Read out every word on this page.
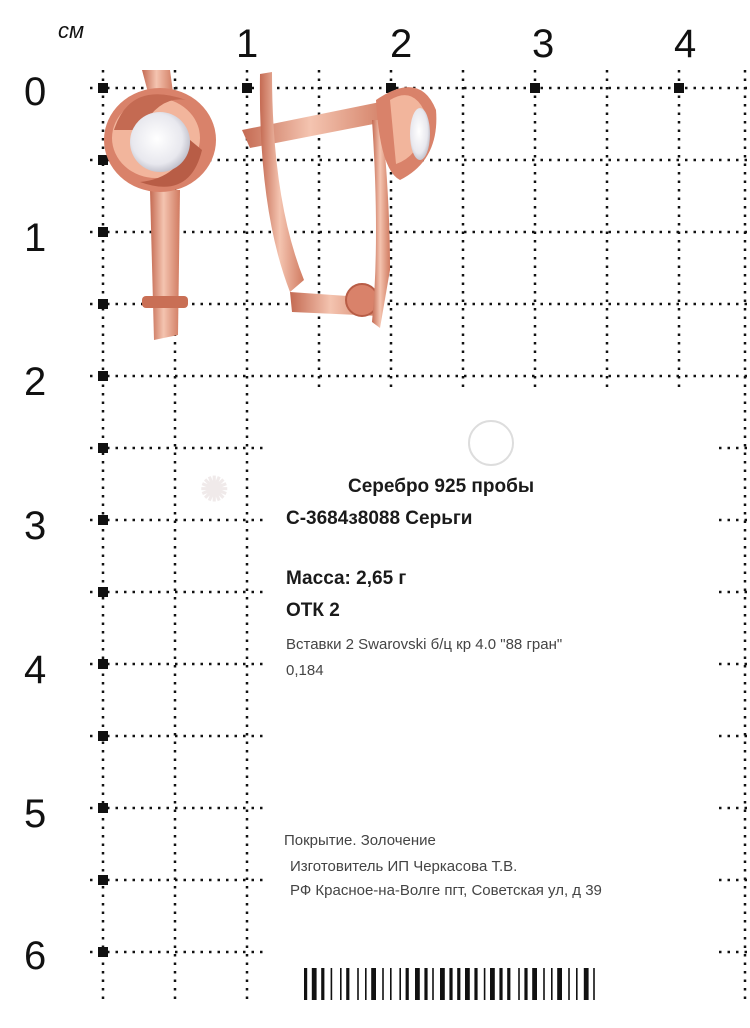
см	1	2	3	4
0
1
2
3
4
5
6
✺	Серебро 925 пробы
С-3684з8088 Серьги
Масса: 2,65 г
ОТК 2
Вставки 2 Swarovski б/ц кр 4.0 "88 гран"
0,184
Покрытие. Золочение
Изготовитель ИП Черкасова Т.В.
РФ Красное-на-Волге пгт, Советская ул, д 39
